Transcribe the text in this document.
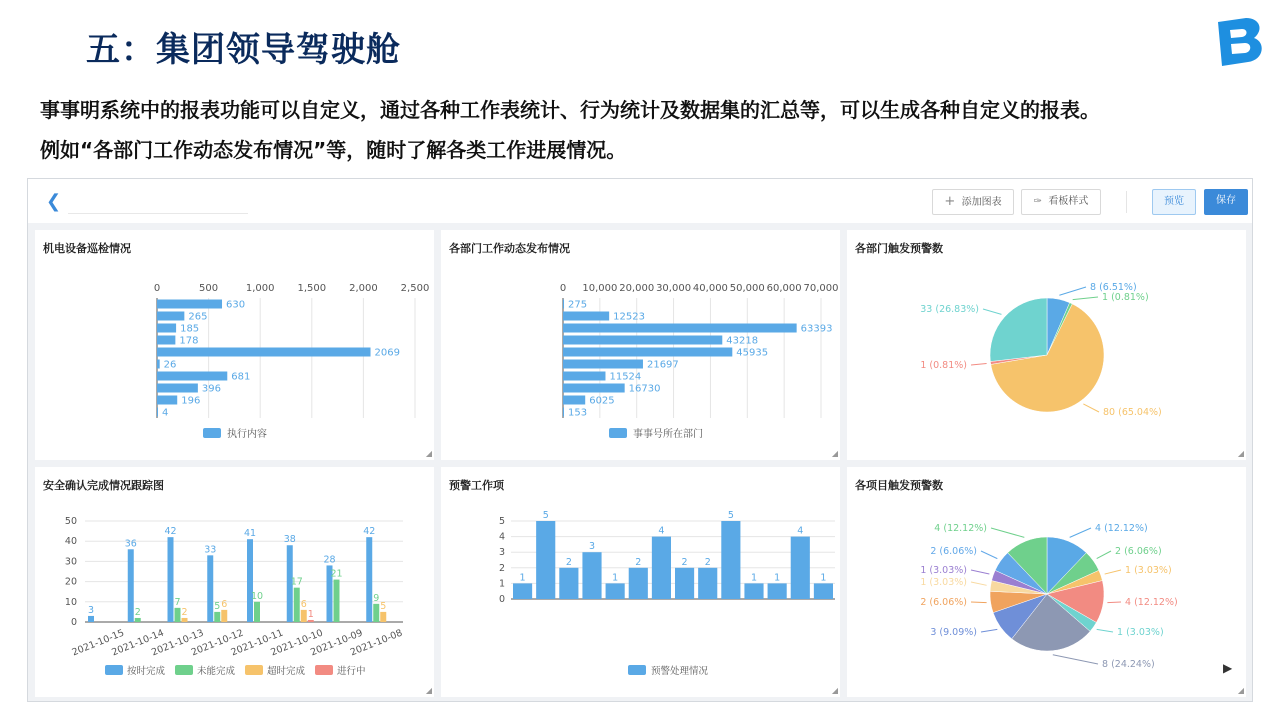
五：集团领导驾驶舱
事事明系统中的报表功能可以自定义，通过各种工作表统计、行为统计及数据集的汇总等，可以生成各种自定义的报表。
例如“各部门工作动态发布情况”等，随时了解各类工作进展情况。
❮	+ 添加图表	✑ 看板样式	预览	保存
机电设备巡检情况
0	500	1,000 1,500 2,000 2,500
630
265
185
178
2069
26
681
396
196
4
执行内容
◢
各部门工作动态发布情况
0 10,000 20,000 30,000 40,000 50,000 60,000 70,000
275
12523
63393
43218
45935
21697
11524
16730
6025
153
事事号所在部门
◢
各部门触发预警数
8 (6.51%)
1 (0.81%)
80 (65.04%)
1 (0.81%)
33 (26.83%)
◢
安全确认完成情况跟踪图
0
10
20
30
40
50
3
2021-10-15
36
2
2021-10-14
42
7
2
2021-10-13
33
5 6
2021-10-12
41
10
2021-10-11
38
17
6
1
2021-10-10
28
21
2021-10-09
42
9
5
2021-10-08
按时完成	未能完成	超时完成	进行中
◢
预警工作项
0
1
2
3
4
5
1
5
2
3
1
2
4
2 2
5
1 1
4
1
预警处理情况
◢
各项目触发预警数
4 (12.12%)
2 (6.06%)
1 (3.03%)
4 (12.12%)
1 (3.03%)
8 (24.24%)
3 (9.09%)
2 (6.06%)
1 (3.03%)
1 (3.03%)
2 (6.06%)
4 (12.12%)
◢
▶
